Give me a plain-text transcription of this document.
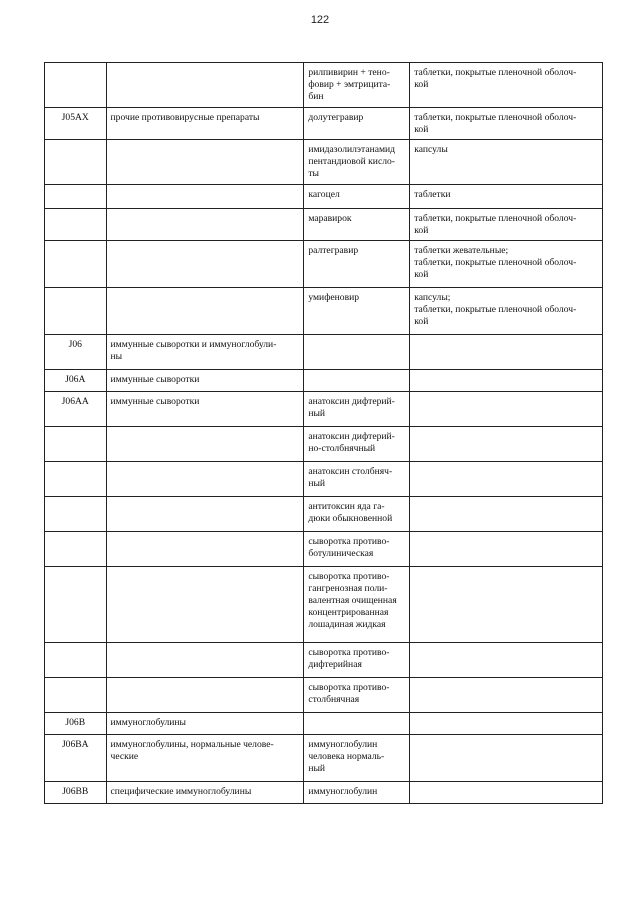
122

		рилпивирин + тено-
фовир + эмтрицита-
бин	таблетки, покрытые пленочной оболоч-
кой

J05AX	прочие противовирусные препараты	долутегравир	таблетки, покрытые пленочной оболоч-
кой

		имидазолилэтанамид
пентандиовой кисло-
ты	капсулы

		кагоцел	таблетки

		маравирок	таблетки, покрытые пленочной оболоч-
кой

		ралтегравир	таблетки жевательные;
таблетки, покрытые пленочной оболоч-
кой

		умифеновир	капсулы;
таблетки, покрытые пленочной оболоч-
кой

J06	иммунные сыворотки и иммуноглобули-
ны		

J06A	иммунные сыворотки		

J06AA	иммунные сыворотки	анатоксин дифтерий-
ный	

		анатоксин дифтерий-
но-столбнячный	

		анатоксин столбняч-
ный	

		антитоксин яда га-
дюки обыкновенной	

		сыворотка противо-
ботулиническая	

		сыворотка противо-
гангренозная поли-
валентная очищенная
концентрированная
лошадиная жидкая	

		сыворотка противо-
дифтерийная	

		сыворотка противо-
столбнячная	

J06B	иммуноглобулины		

J06BA	иммуноглобулины, нормальные челове-
ческие	иммуноглобулин
человека нормаль-
ный	

J06BB	специфические иммуноглобулины	иммуноглобулин	
